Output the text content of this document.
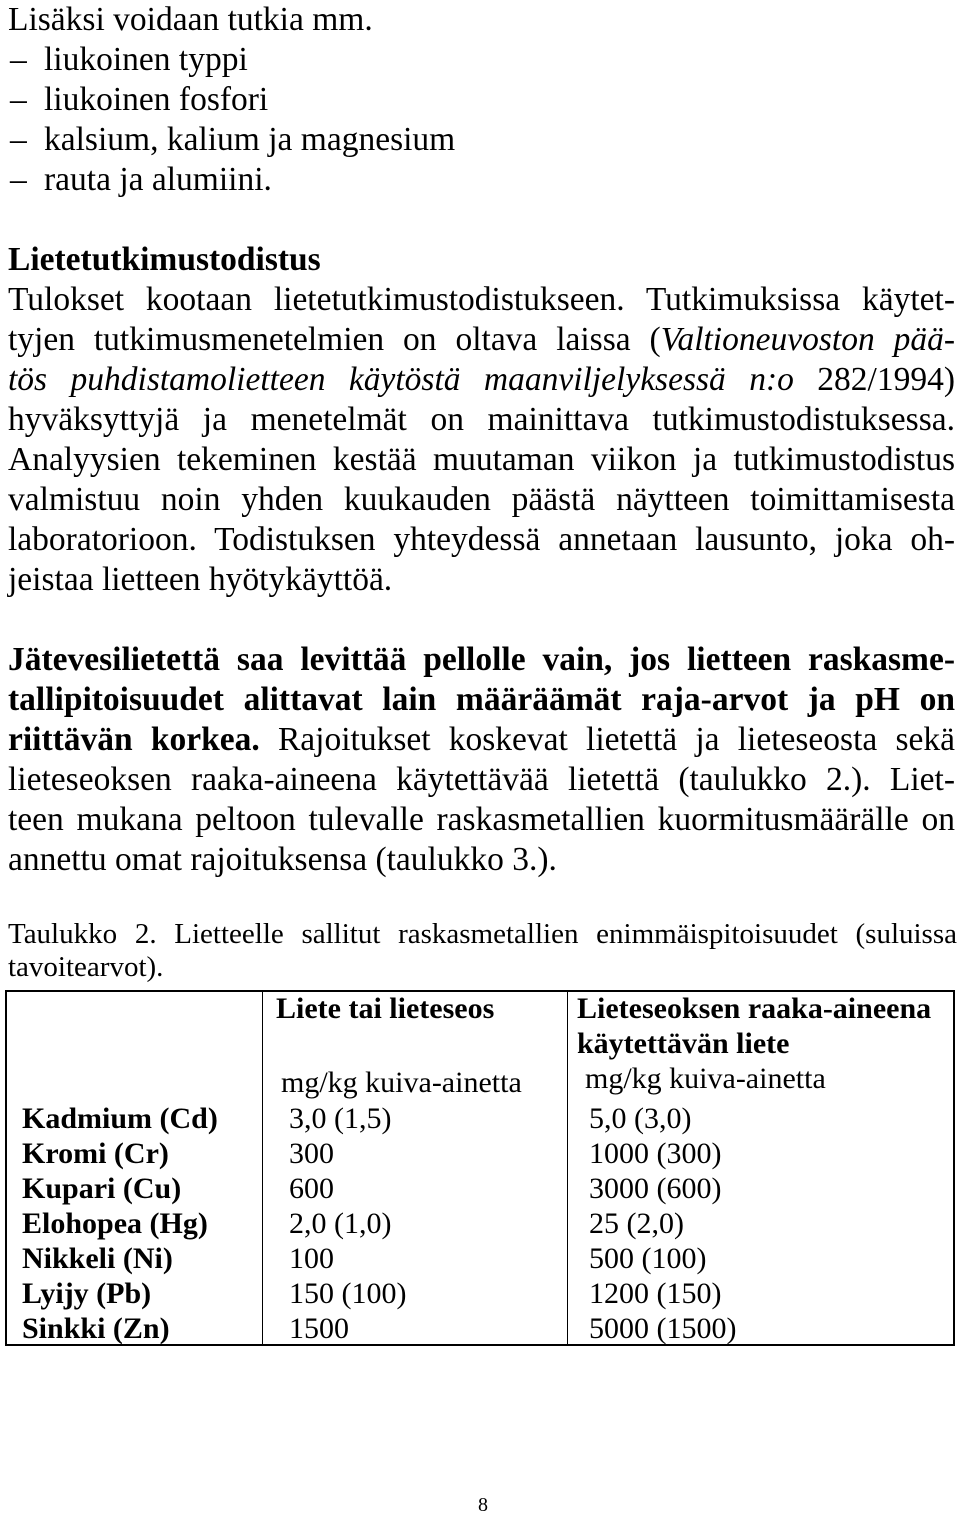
Lisäksi voidaan tutkia mm.
– liukoinen typpi
– liukoinen fosfori
– kalsium, kalium ja magnesium
– rauta ja alumiini.
Lietetutkimustodistus
Tulokset kootaan lietetutkimustodistukseen. Tutkimuksissa käytet-
tyjen tutkimusmenetelmien on oltava laissa (Valtioneuvoston pää-
tös puhdistamolietteen käytöstä maanviljelyksessä n:o 282/1994)
hyväksyttyjä ja menetelmät on mainittava tutkimustodistuksessa.
Analyysien tekeminen kestää muutaman viikon ja tutkimustodistus
valmistuu noin yhden kuukauden päästä näytteen toimittamisesta
laboratorioon. Todistuksen yhteydessä annetaan lausunto, joka oh-
jeistaa lietteen hyötykäyttöä.
Jätevesilietettä saa levittää pellolle vain, jos lietteen raskasme-
tallipitoisuudet alittavat lain määräämät raja-arvot ja pH on
riittävän korkea. Rajoitukset koskevat lietettä ja lieteseosta sekä
lieteseoksen raaka-aineena käytettävää lietettä (taulukko 2.). Liet-
teen mukana peltoon tulevalle raskasmetallien kuormitusmäärälle on
annettu omat rajoituksensa (taulukko 3.).
Taulukko 2. Lietteelle sallitut raskasmetallien enimmäispitoisuudet (suluissa
tavoitearvot).
Liete tai lieteseos
mg/kg kuiva-ainetta
Lieteseoksen raaka-aineena
käytettävän liete
mg/kg kuiva-ainetta
Kadmium (Cd) 3,0 (1,5)	5,0 (3,0)
Kromi (Cr)	300	1000 (300)
Kupari (Cu)	600	3000 (600)
Elohopea (Hg)	2,0 (1,0)	25 (2,0)
Nikkeli (Ni)	100	500 (100)
Lyijy (Pb)	150 (100)	1200 (150)
Sinkki (Zn)	1500	5000 (1500)
8
